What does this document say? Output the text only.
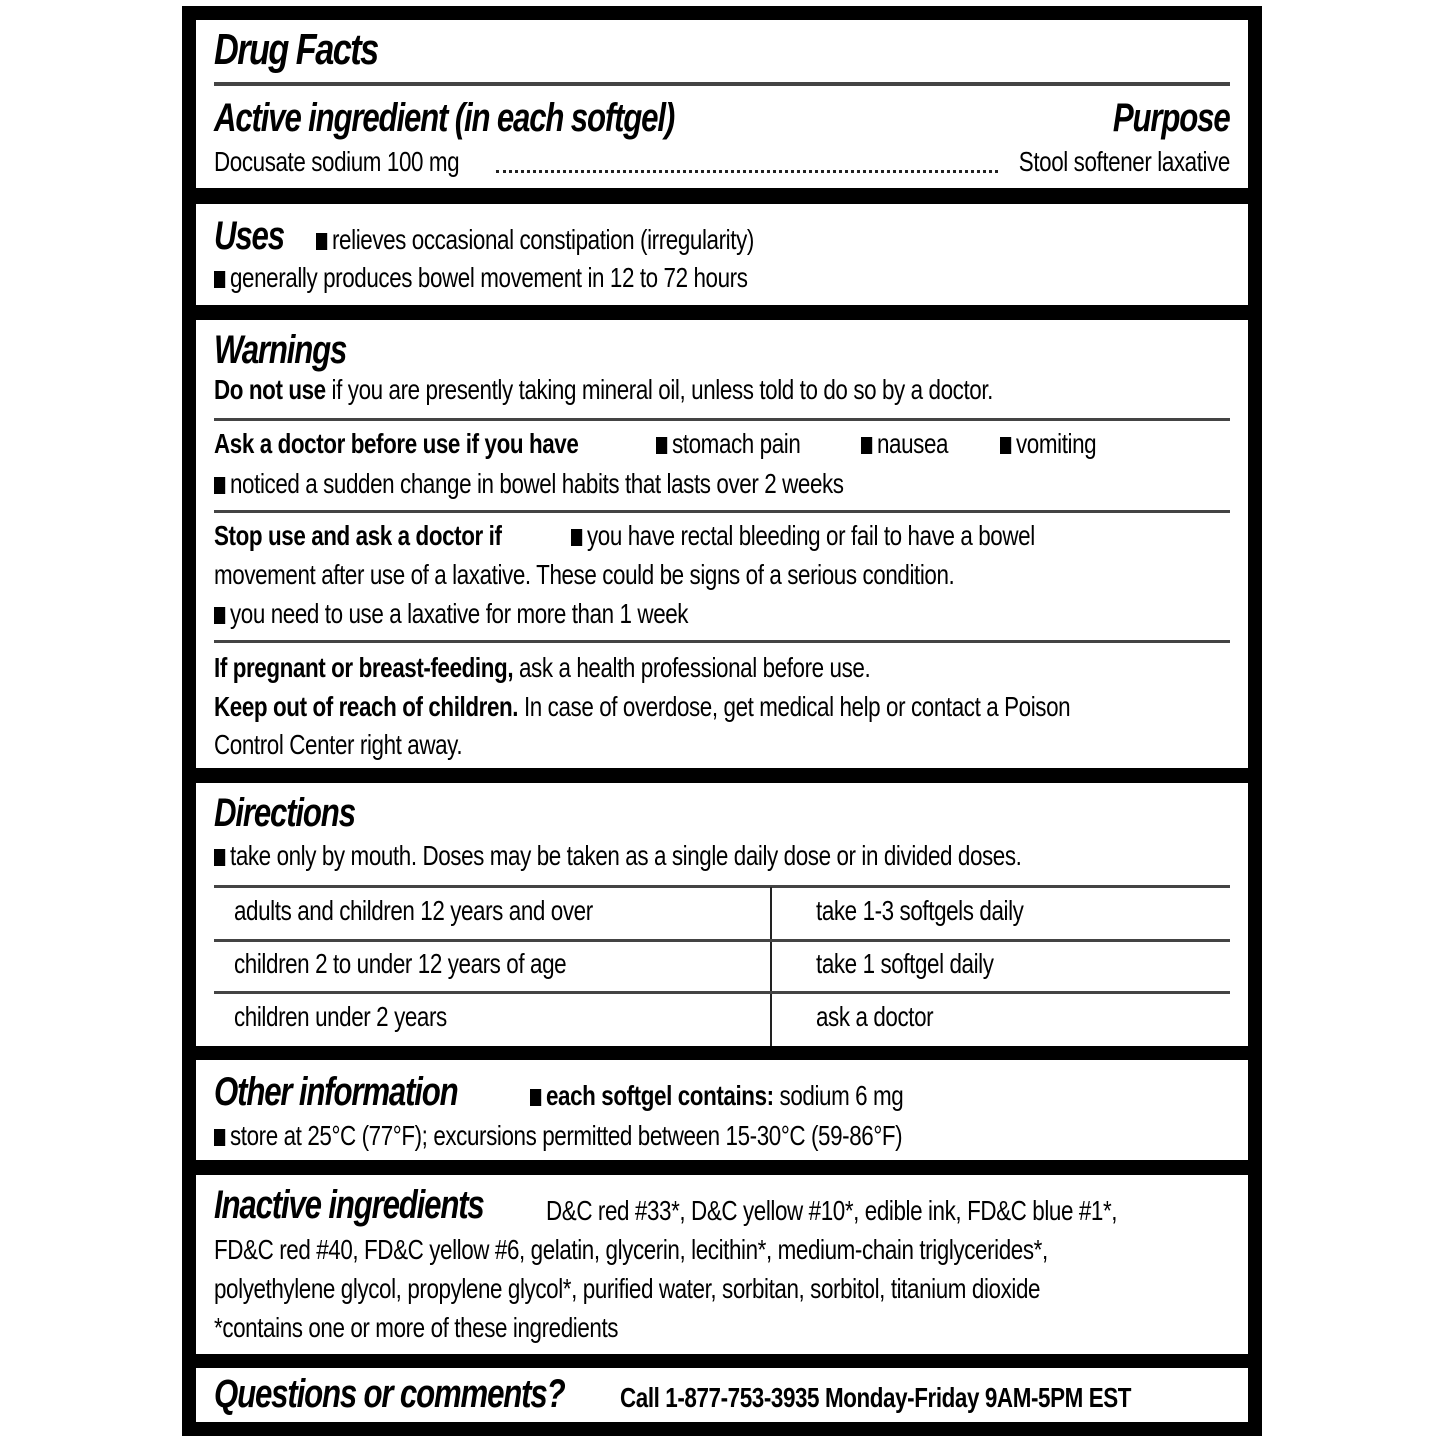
Drug Facts
Active ingredient (in each softgel)	Purpose
Docusate sodium 100 mg	Stool softener laxative
Uses	relieves occasional constipation (irregularity)
generally produces bowel movement in 12 to 72 hours
Warnings
Do not use if you are presently taking mineral oil, unless told to do so by a doctor.
Ask a doctor before use if you have	stomach pain	nausea	vomiting
noticed a sudden change in bowel habits that lasts over 2 weeks
Stop use and ask a doctor if	you have rectal bleeding or fail to have a bowel
movement after use of a laxative. These could be signs of a serious condition.
you need to use a laxative for more than 1 week
If pregnant or breast-feeding, ask a health professional before use.
Keep out of reach of children. In case of overdose, get medical help or contact a Poison
Control Center right away.
Directions
take only by mouth. Doses may be taken as a single daily dose or in divided doses.
adults and children 12 years and over	take 1-3 softgels daily
children 2 to under 12 years of age	take 1 softgel daily
children under 2 years	ask a doctor
Other information	each softgel contains: sodium 6 mg
store at 25°C (77°F); excursions permitted between 15-30°C (59-86°F)
Inactive ingredients D&C red #33*, D&C yellow #10*, edible ink, FD&C blue #1*,
FD&C red #40, FD&C yellow #6, gelatin, glycerin, lecithin*, medium-chain triglycerides*,
polyethylene glycol, propylene glycol*, purified water, sorbitan, sorbitol, titanium dioxide
*contains one or more of these ingredients
Questions or comments? Call 1-877-753-3935 Monday-Friday 9AM-5PM EST
